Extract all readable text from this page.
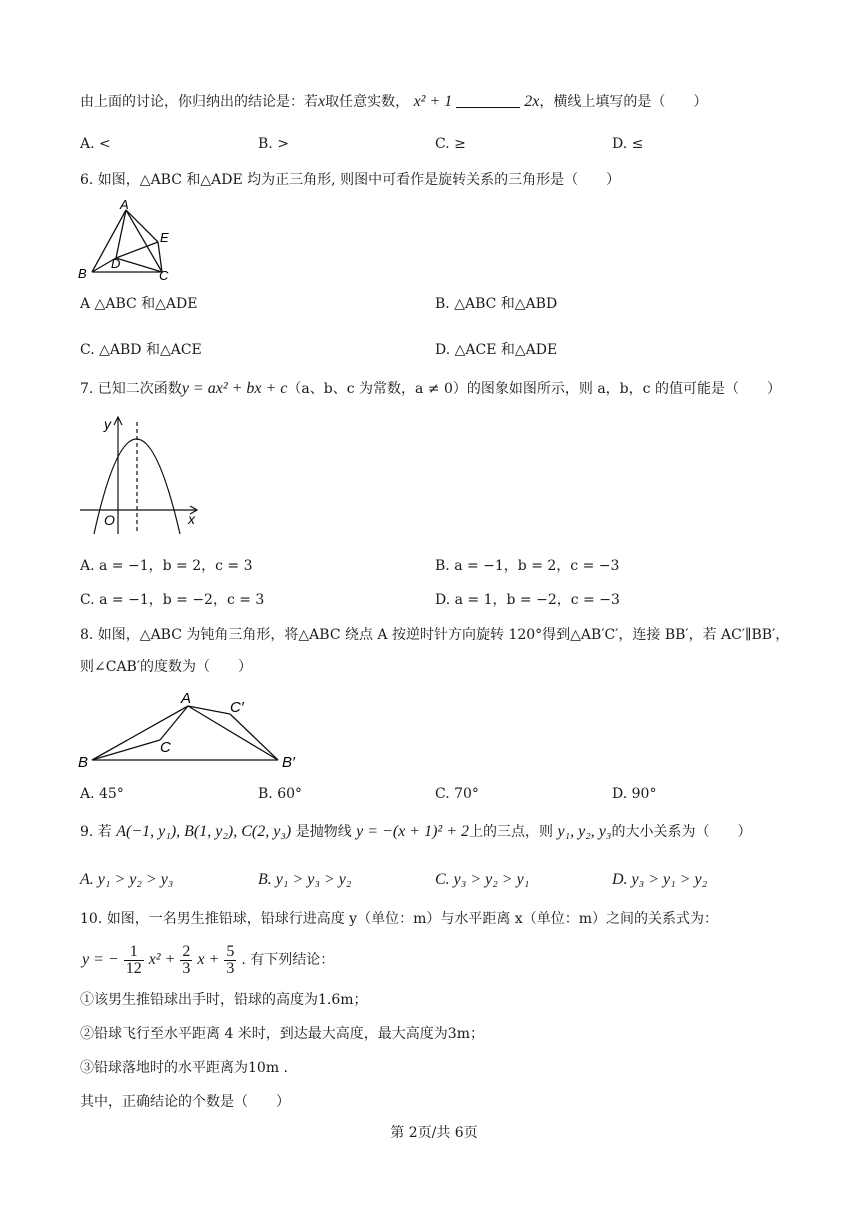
由上面的讨论，你归纳出的结论是：若x取任意实数， x² + 1	2x，横线上填写的是（　　）
A. <	B. >	C. ≥	D. ≤
6. 如图，△ABC 和△ADE 均为正三角形, 则图中可看作是旋转关系的三角形是（　　）
A
E
D
B	C
A △ABC 和△ADE	B. △ABC 和△ABD
C. △ABD 和△ACE	D. △ACE 和△ADE
7. 已知二次函数y = ax² + bx + c（a、b、c 为常数，a ≠ 0）的图象如图所示，则 a，b，c 的值可能是（　　）
y
O	x
A. a = −1，b = 2，c = 3	B. a = −1，b = 2，c = −3
C. a = −1，b = −2，c = 3	D. a = 1，b = −2，c = −3
8. 如图，△ABC 为钝角三角形，将△ABC 绕点 A 按逆时针方向旋转 120°得到△AB′C′，连接 BB′，若 AC′∥BB′，
则∠CAB′的度数为（　　）
A
C′
C
B	B′
A. 45°	B. 60°	C. 70°	D. 90°
9. 若 A(−1, y₁), B(1, y₂), C(2, y₃) 是抛物线 y = −(x + 1)² + 2上的三点，则 y₁, y₂, y₃的大小关系为（　　）
A. y₁ > y₂ > y₃	B. y₁ > y₃ > y₂	C. y₃ > y₂ > y₁	D. y₃ > y₁ > y₂
10. 如图，一名男生推铅球，铅球行进高度 y（单位：m）与水平距离 x（单位：m）之间的关系式为：
y = − $\frac{1}{12} x^2 + \frac{2}{3}$ $x + \frac{5}{3}$ . 有下列结论：
①该男生推铅球出手时，铅球的高度为1.6m；
②铅球飞行至水平距离 4 米时，到达最大高度，最大高度为3m；
③铅球落地时的水平距离为10m .
其中，正确结论的个数是（　　）
第 2页/共 6页
